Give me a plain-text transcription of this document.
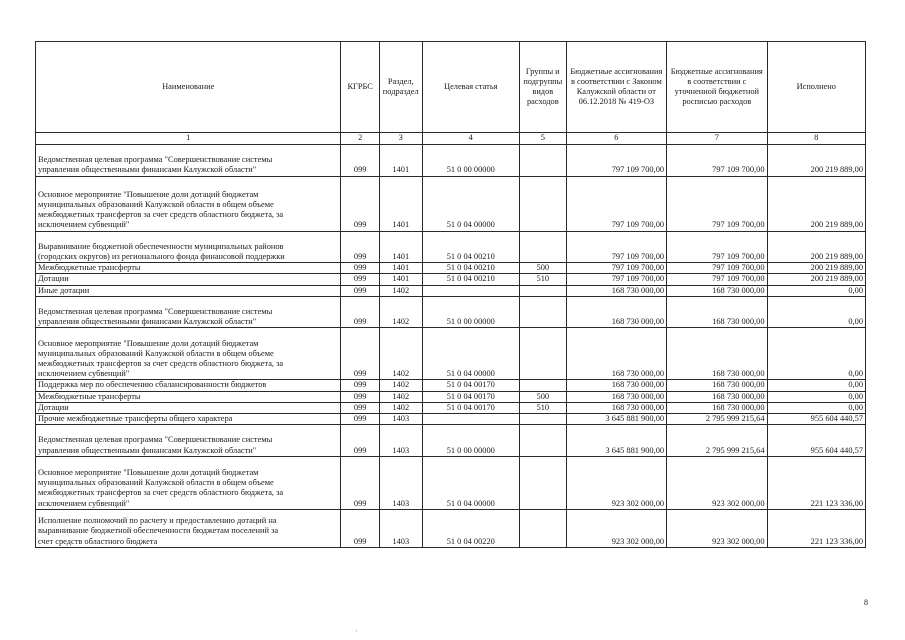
Наименование	КГРБС	Раздел, подраздел	Целевая статья	Группы и подгруппы видов расходов	Бюджетные ассигнования в соответствии с Законом Калужской области от 06.12.2018 № 419-ОЗ	Бюджетные ассигнования в соответствии с уточненной бюджетной росписью расходов	Исполнено
1	2	3	4	5	6	7	8

Ведомственная целевая программа "Совершенствование системы
управления общественными финансами Калужской области"	099	1401	51 0 00 00000		797 109 700,00	797 109 700,00	200 219 889,00
Основное мероприятие "Повышение доли дотаций бюджетам
муниципальных образований Калужской области в общем объеме
межбюджетных трансфертов за счет средств областного бюджета, за
исключением субвенций"	099	1401	51 0 04 00000		797 109 700,00	797 109 700,00	200 219 889,00

Выравнивание бюджетной обеспеченности муниципальных районов
(городских округов) из регионального фонда финансовой поддержки	099	1401	51 0 04 00210		797 109 700,00	797 109 700,00	200 219 889,00
Межбюджетные трансферты	099	1401	51 0 04 00210	500	797 109 700,00	797 109 700,00	200 219 889,00
Дотации	099	1401	51 0 04 00210	510	797 109 700,00	797 109 700,00	200 219 889,00
Иные дотации	099	1402			168 730 000,00	168 730 000,00	0,00

Ведомственная целевая программа "Совершенствование системы
управления общественными финансами Калужской области"	099	1402	51 0 00 00000		168 730 000,00	168 730 000,00	0,00
Основное мероприятие "Повышение доли дотаций бюджетам
муниципальных образований Калужской области в общем объеме
межбюджетных трансфертов за счет средств областного бюджета, за
исключением субвенций"	099	1402	51 0 04 00000		168 730 000,00	168 730 000,00	0,00
Поддержка мер по обеспечению сбалансированности бюджетов	099	1402	51 0 04 00170		168 730 000,00	168 730 000,00	0,00
Межбюджетные трансферты	099	1402	51 0 04 00170	500	168 730 000,00	168 730 000,00	0,00
Дотации	099	1402	51 0 04 00170	510	168 730 000,00	168 730 000,00	0,00
Прочие межбюджетные трансферты общего характера	099	1403			3 645 881 900,00	2 795 999 215,64	955 604 440,57

Ведомственная целевая программа "Совершенствование системы
управления общественными финансами Калужской области"	099	1403	51 0 00 00000		3 645 881 900,00	2 795 999 215,64	955 604 440,57
Основное мероприятие "Повышение доли дотаций бюджетам
муниципальных образований Калужской области в общем объеме
межбюджетных трансфертов за счет средств областного бюджета, за
исключением субвенций"	099	1403	51 0 04 00000		923 302 000,00	923 302 000,00	221 123 336,00
Исполнение полномочий по расчету и предоставлению дотаций на
выравнивание бюджетной обеспеченности бюджетам поселений за
счет средств областного бюджета	099	1403	51 0 04 00220		923 302 000,00	923 302 000,00	221 123 336,00
8
·
